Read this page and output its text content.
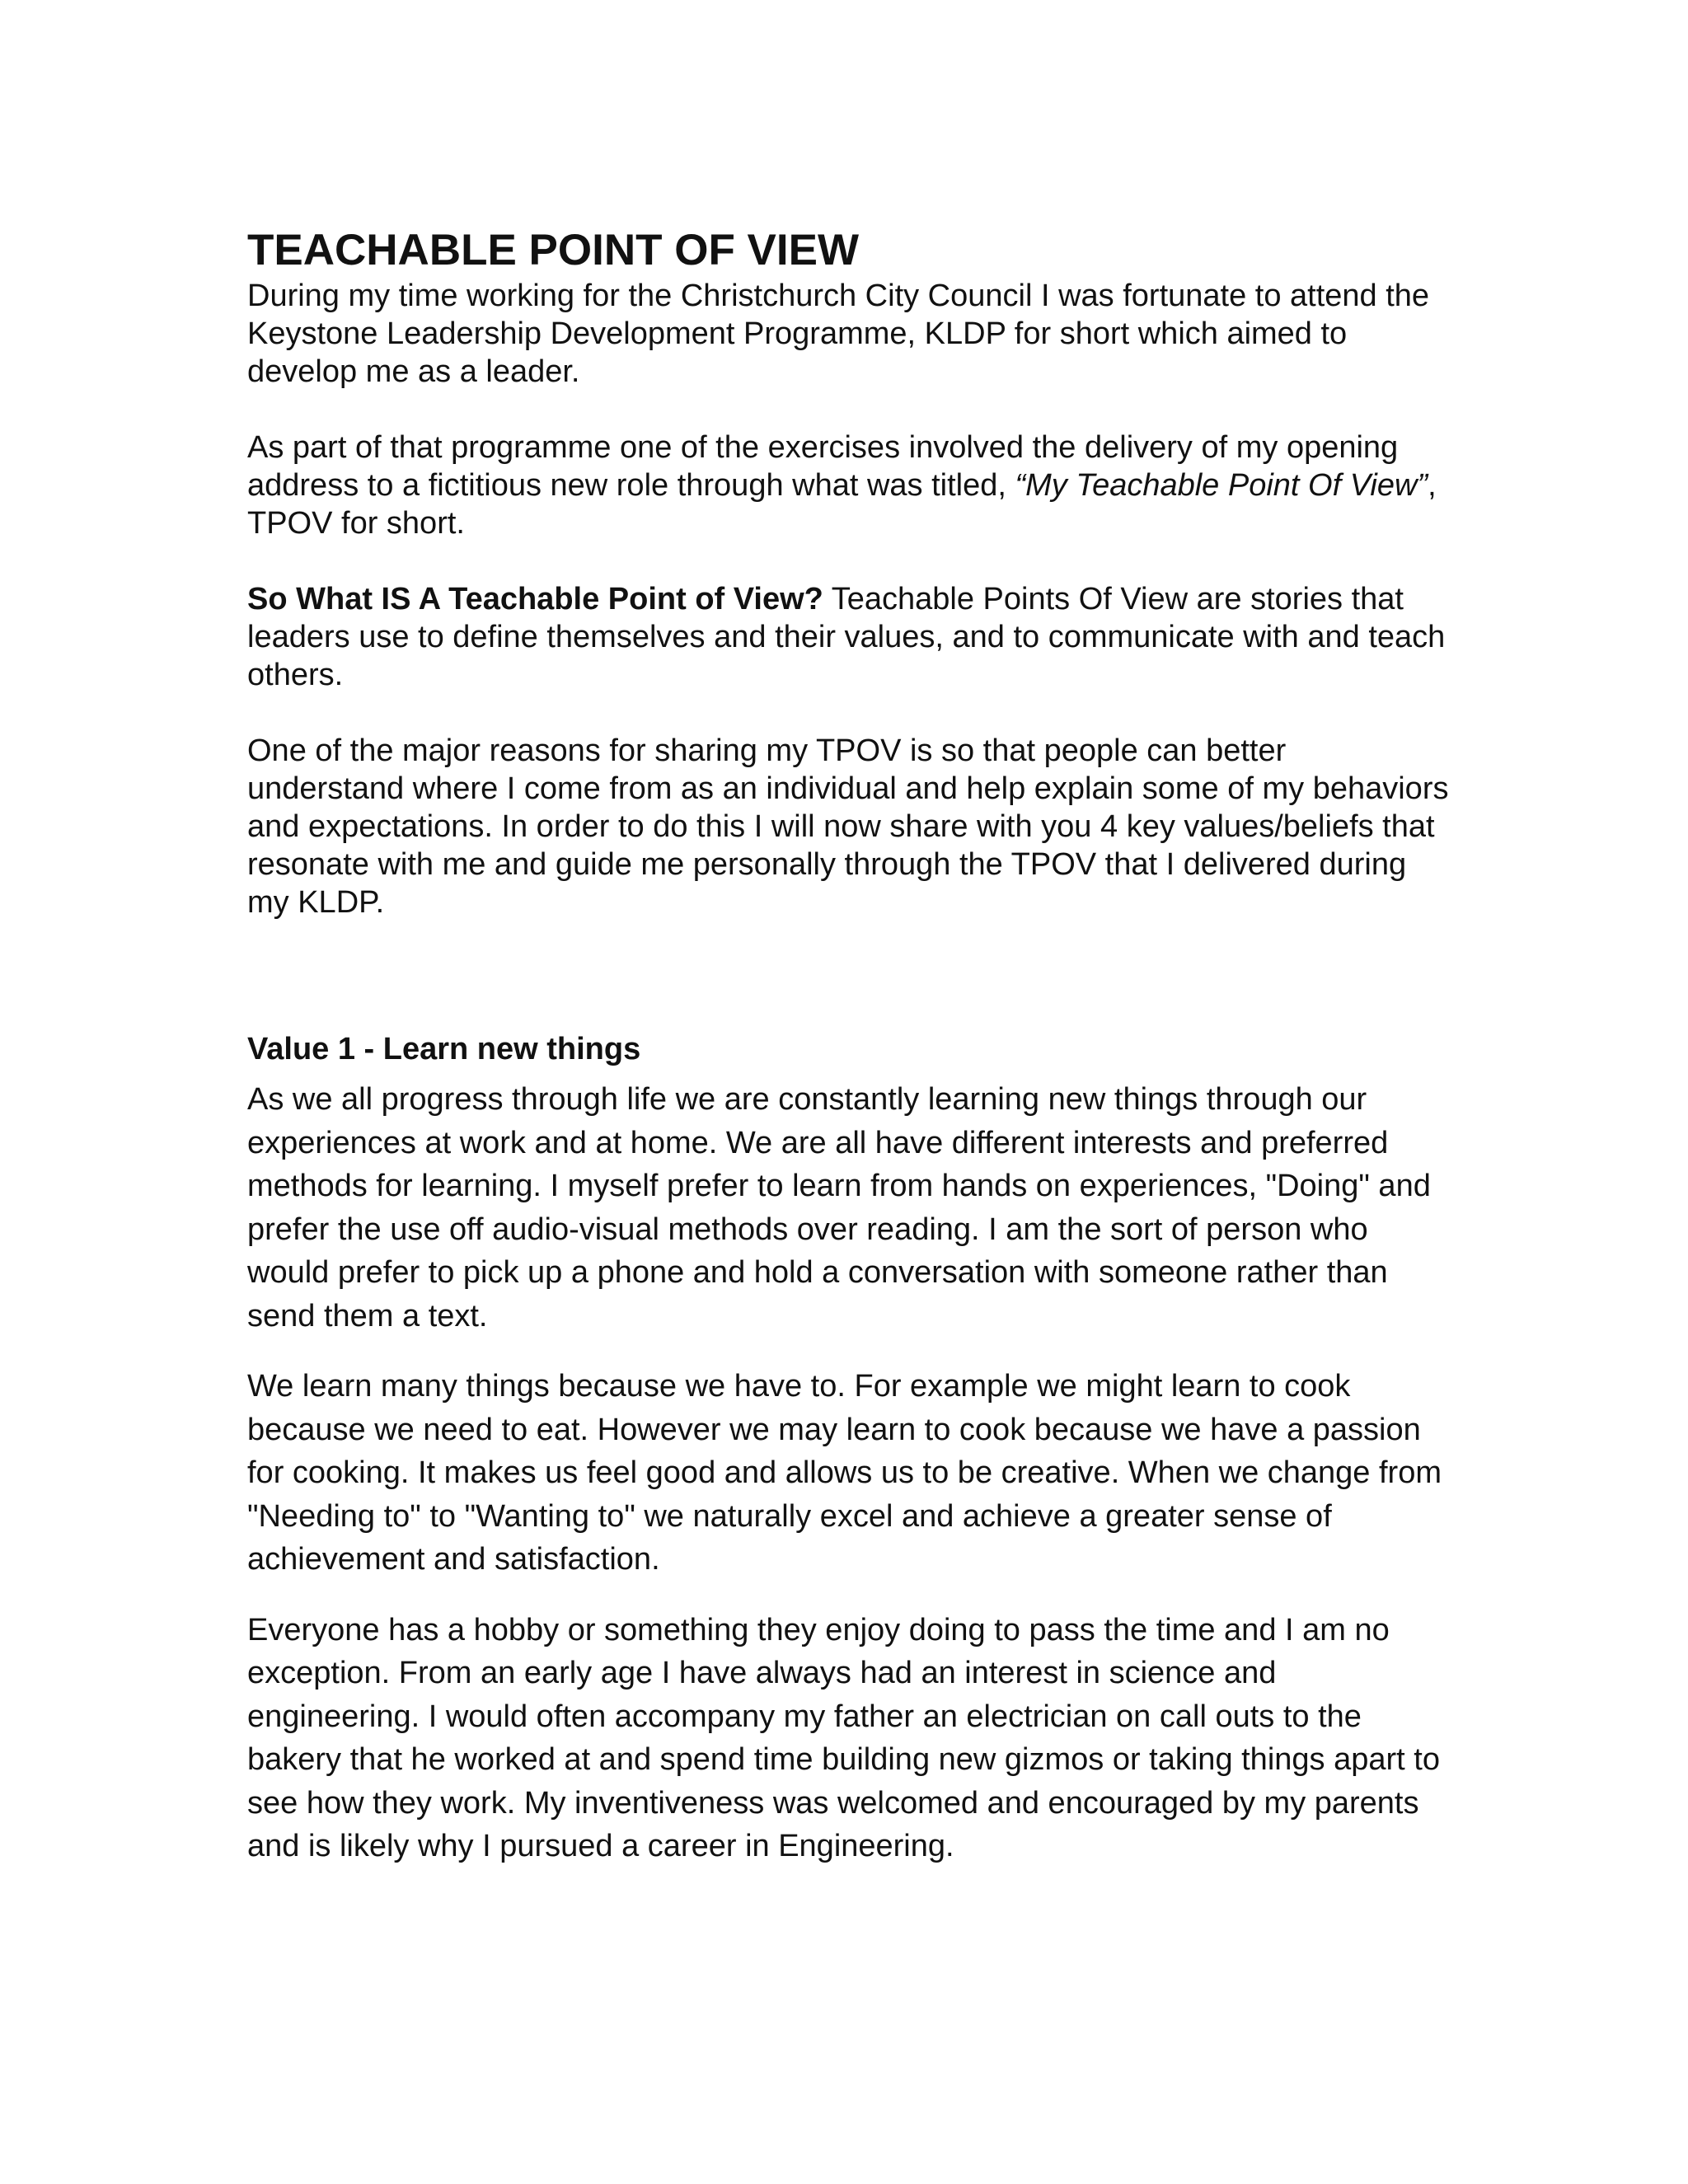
TEACHABLE POINT OF VIEW

During my time working for the Christchurch City Council I was fortunate to attend the Keystone Leadership Development Programme, KLDP for short which aimed to develop me as a leader.

As part of that programme one of the exercises involved the delivery of my opening address to a fictitious new role through what was titled, “My Teachable Point Of View”, TPOV for short.

So What IS A Teachable Point of View? Teachable Points Of View are stories that leaders use to define themselves and their values, and to communicate with and teach others.

One of the major reasons for sharing my TPOV is so that people can better understand where I come from as an individual and help explain some of my behaviors and expectations. In order to do this I will now share with you 4 key values/beliefs that resonate with me and guide me personally through the TPOV that I delivered during my KLDP.

Value 1 - Learn new things

As we all progress through life we are constantly learning new things through our experiences at work and at home. We are all have different interests and preferred methods for learning. I myself prefer to learn from hands on experiences, "Doing" and prefer the use off audio-visual methods over reading. I am the sort of person who would prefer to pick up a phone and hold a conversation with someone rather than send them a text.

We learn many things because we have to. For example we might learn to cook because we need to eat. However we may learn to cook because we have a passion for cooking. It makes us feel good and allows us to be creative. When we change from "Needing to" to "Wanting to" we naturally excel and achieve a greater sense of achievement and satisfaction.

Everyone has a hobby or something they enjoy doing to pass the time and I am no exception. From an early age I have always had an interest in science and engineering. I would often accompany my father an electrician on call outs to the bakery that he worked at and spend time building new gizmos or taking things apart to see how they work. My inventiveness was welcomed and encouraged by my parents and is likely why I pursued a career in Engineering.
